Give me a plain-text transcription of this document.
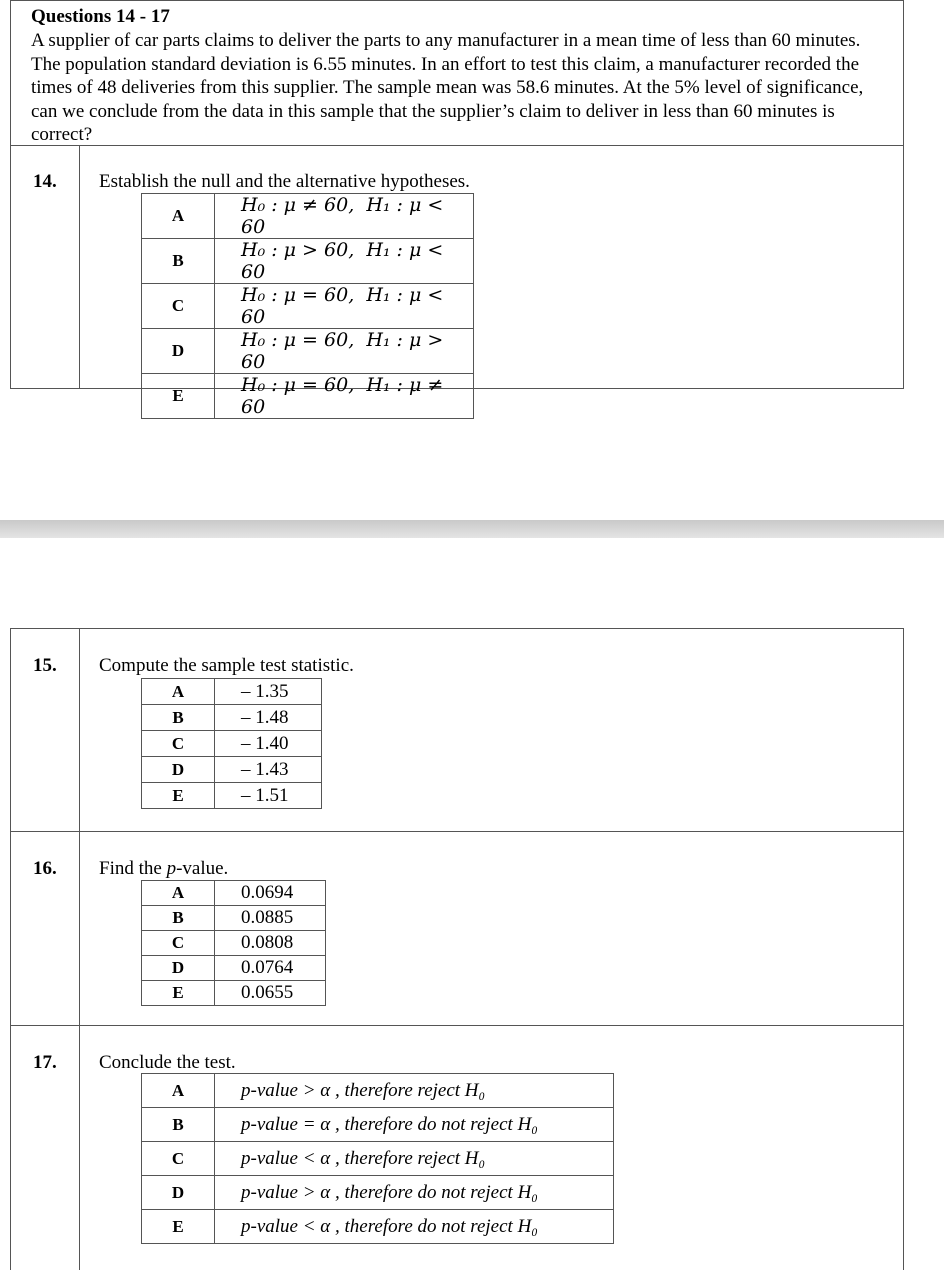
Questions 14 - 17
A supplier of car parts claims to deliver the parts to any manufacturer in a mean time of less than 60 minutes. The population standard deviation is 6.55 minutes. In an effort to test this claim, a manufacturer recorded the times of 48 deliveries from this supplier. The sample mean was 58.6 minutes. At the 5% level of significance, can we conclude from the data in this sample that the supplier’s claim to deliver in less than 60 minutes is correct?
14. Establish the null and the alternative hypotheses.
A	H₀ : μ ≠ 60, H₁ : μ < 60
B	H₀ : μ > 60, H₁ : μ < 60
C	H₀ : μ = 60, H₁ : μ < 60
D	H₀ : μ = 60, H₁ : μ > 60
E	H₀ : μ = 60, H₁ : μ ≠ 60
15. Compute the sample test statistic.
A	– 1.35
B	– 1.48
C	– 1.40
D	– 1.43
E	– 1.51
16. Find the p-value.
A	0.0694
B	0.0885
C	0.0808
D	0.0764
E	0.0655
17. Conclude the test.
A	p-value > α , therefore reject H₀
B	p-value = α , therefore do not reject H₀
C	p-value < α , therefore reject H₀
D	p-value > α , therefore do not reject H₀
E	p-value < α , therefore do not reject H₀
